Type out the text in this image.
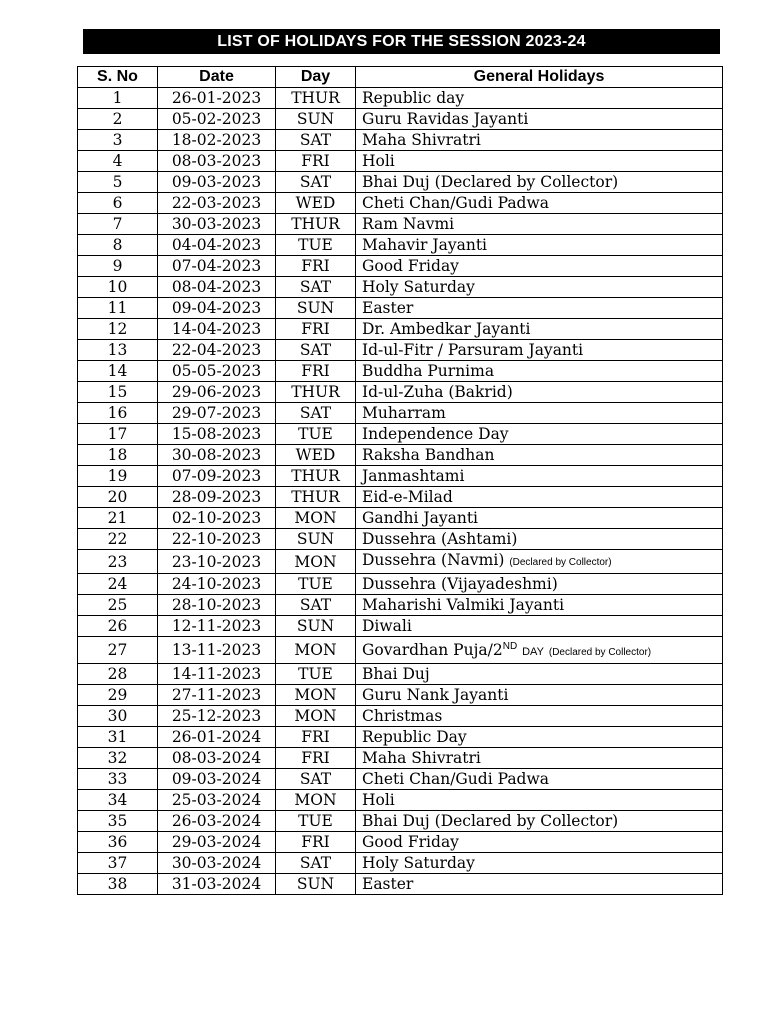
LIST OF HOLIDAYS FOR THE SESSION 2023-24
S. No	Date	Day	General Holidays
1	26-01-2023	THUR	Republic day
2	05-02-2023	SUN	Guru Ravidas Jayanti
3	18-02-2023	SAT	Maha Shivratri
4	08-03-2023	FRI	Holi
5	09-03-2023	SAT	Bhai Duj (Declared by Collector)
6	22-03-2023	WED	Cheti Chan/Gudi Padwa
7	30-03-2023	THUR	Ram Navmi
8	04-04-2023	TUE	Mahavir Jayanti
9	07-04-2023	FRI	Good Friday
10	08-04-2023	SAT	Holy Saturday
11	09-04-2023	SUN	Easter
12	14-04-2023	FRI	Dr. Ambedkar Jayanti
13	22-04-2023	SAT	Id-ul-Fitr / Parsuram Jayanti
14	05-05-2023	FRI	Buddha Purnima
15	29-06-2023	THUR	Id-ul-Zuha (Bakrid)
16	29-07-2023	SAT	Muharram
17	15-08-2023	TUE	Independence Day
18	30-08-2023	WED	Raksha Bandhan
19	07-09-2023	THUR	Janmashtami
20	28-09-2023	THUR	Eid-e-Milad
21	02-10-2023	MON	Gandhi Jayanti
22	22-10-2023	SUN	Dussehra (Ashtami)
23	23-10-2023	MON	Dussehra (Navmi) (Declared by Collector)
24	24-10-2023	TUE	Dussehra (Vijayadeshmi)
25	28-10-2023	SAT	Maharishi Valmiki Jayanti
26	12-11-2023	SUN	Diwali
27	13-11-2023	MON	Govardhan Puja/2ND DAY (Declared by Collector)
28	14-11-2023	TUE	Bhai Duj
29	27-11-2023	MON	Guru Nank Jayanti
30	25-12-2023	MON	Christmas
31	26-01-2024	FRI	Republic Day
32	08-03-2024	FRI	Maha Shivratri
33	09-03-2024	SAT	Cheti Chan/Gudi Padwa
34	25-03-2024	MON	Holi
35	26-03-2024	TUE	Bhai Duj (Declared by Collector)
36	29-03-2024	FRI	Good Friday
37	30-03-2024	SAT	Holy Saturday
38	31-03-2024	SUN	Easter
